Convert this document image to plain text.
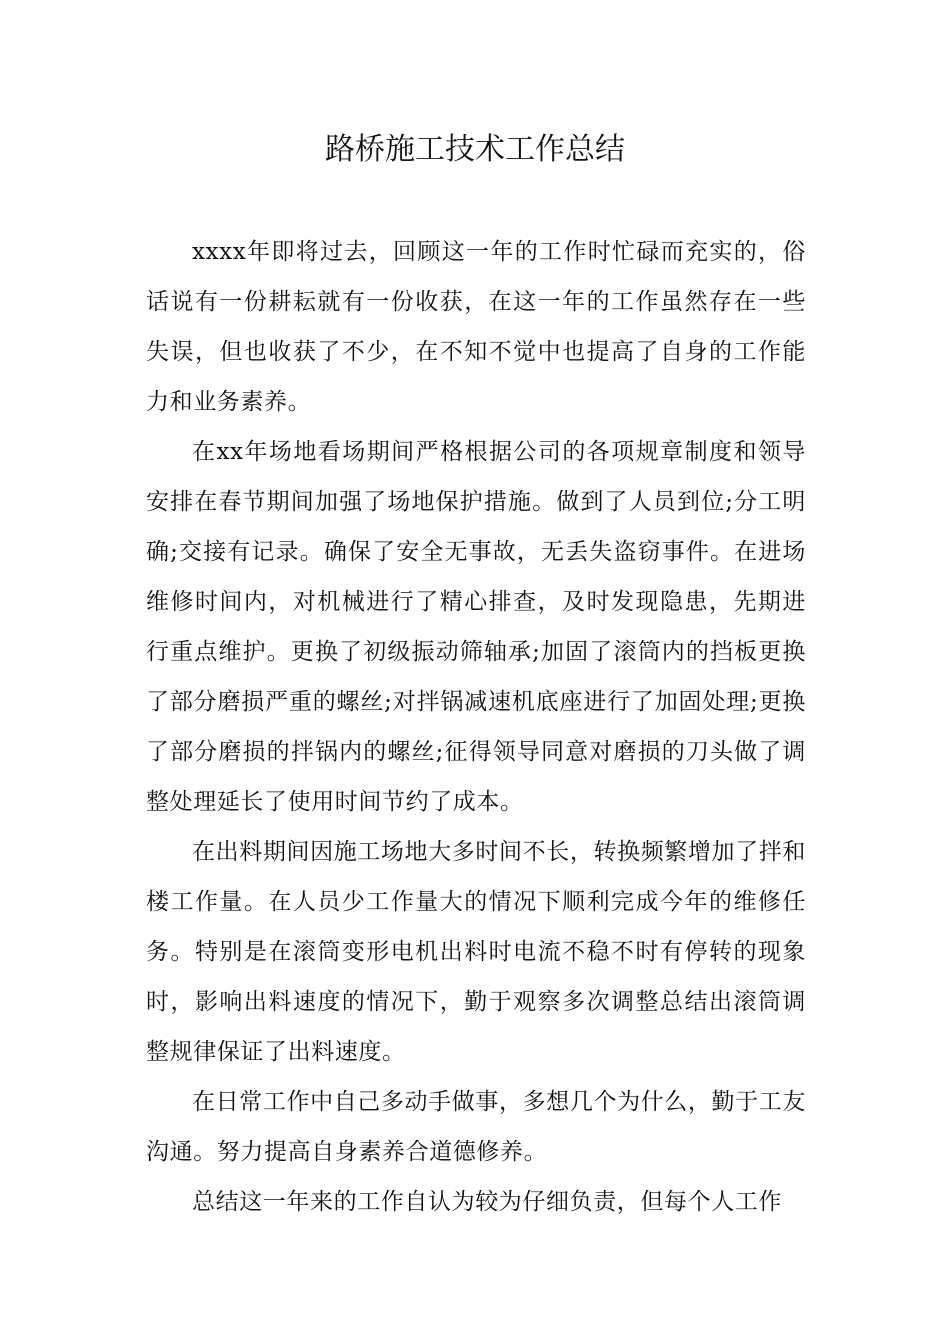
路桥施工技术工作总结

xxxx年即将过去，回顾这一年的工作时忙碌而充实的，俗话说有一份耕耘就有一份收获，在这一年的工作虽然存在一些失误，但也收获了不少，在不知不觉中也提高了自身的工作能力和业务素养。

在xx年场地看场期间严格根据公司的各项规章制度和领导安排在春节期间加强了场地保护措施。做到了人员到位;分工明确;交接有记录。确保了安全无事故，无丢失盗窃事件。在进场维修时间内，对机械进行了精心排查，及时发现隐患，先期进行重点维护。更换了初级振动筛轴承;加固了滚筒内的挡板更换了部分磨损严重的螺丝;对拌锅减速机底座进行了加固处理;更换了部分磨损的拌锅内的螺丝;征得领导同意对磨损的刀头做了调整处理延长了使用时间节约了成本。

在出料期间因施工场地大多时间不长，转换频繁增加了拌和楼工作量。在人员少工作量大的情况下顺利完成今年的维修任务。特别是在滚筒变形电机出料时电流不稳不时有停转的现象时，影响出料速度的情况下，勤于观察多次调整总结出滚筒调整规律保证了出料速度。

在日常工作中自己多动手做事，多想几个为什么，勤于工友沟通。努力提高自身素养合道德修养。

总结这一年来的工作自认为较为仔细负责，但每个人工作
